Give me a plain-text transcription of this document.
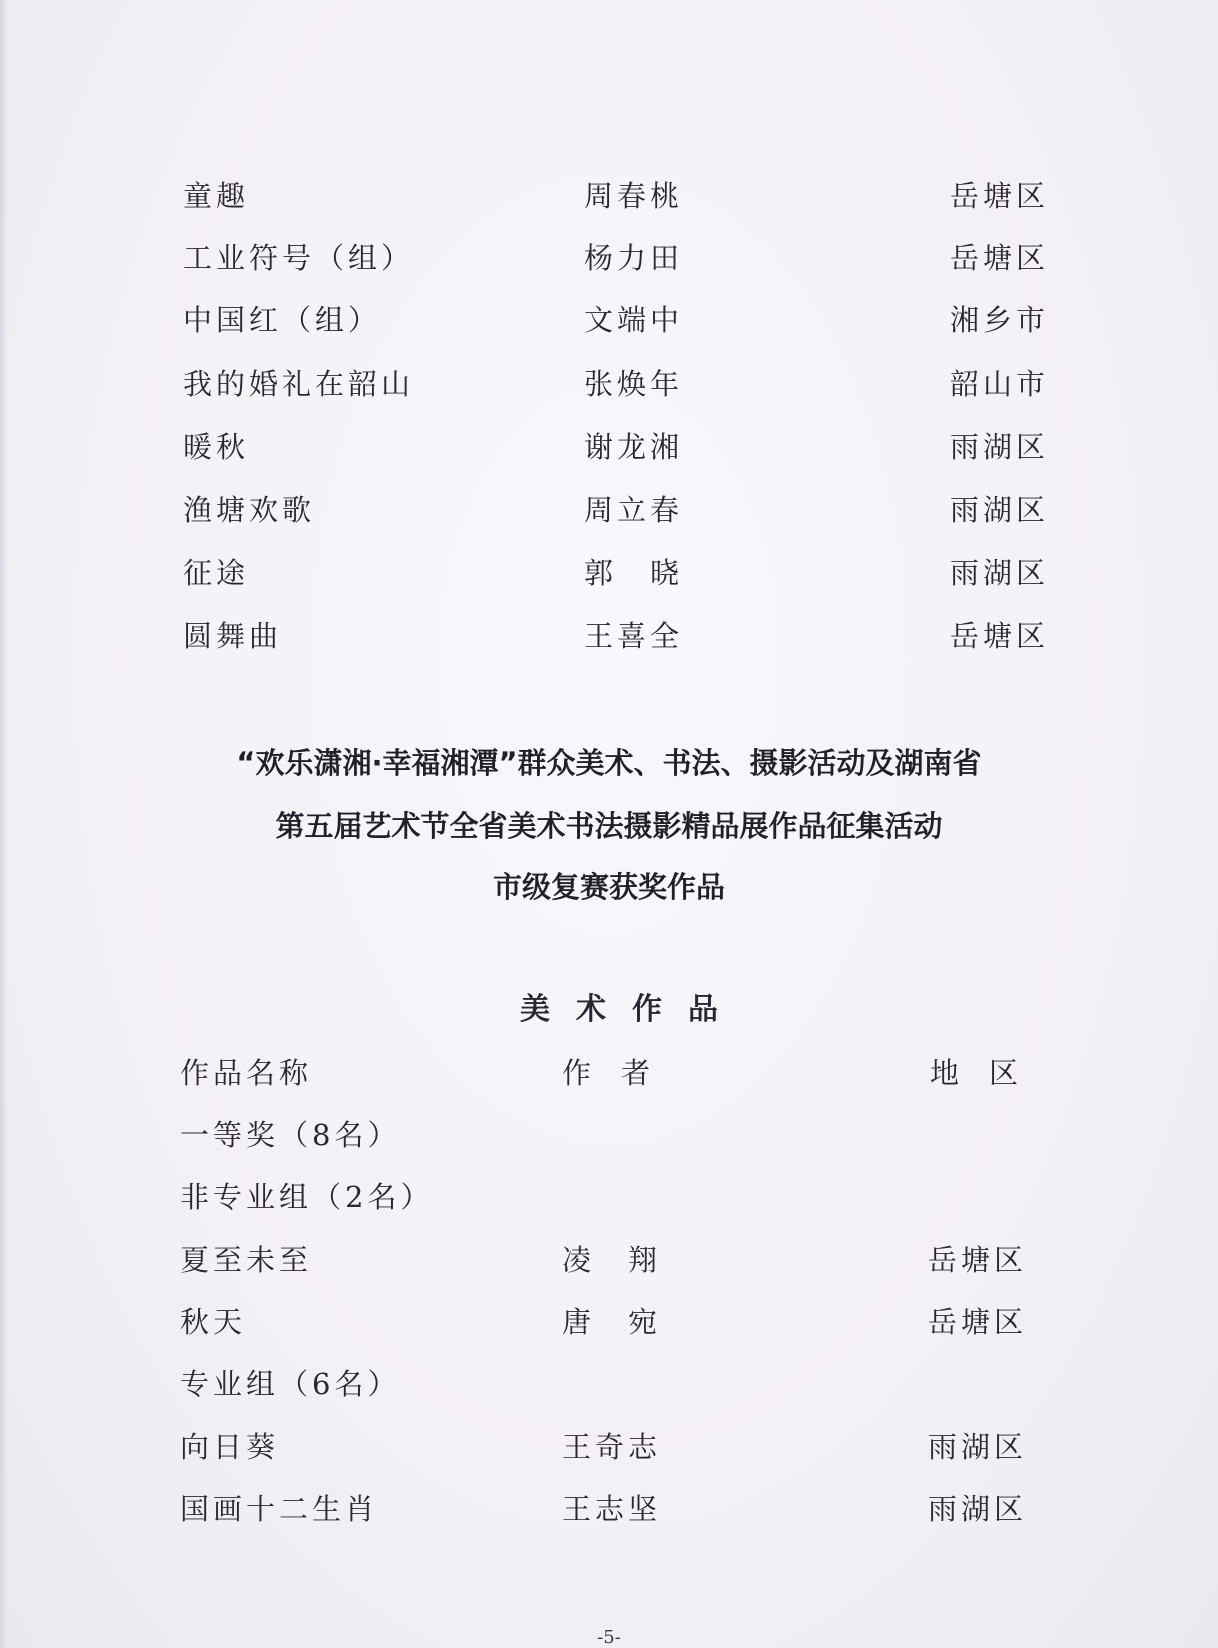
童趣	周春桃	岳塘区
工业符号（组）	杨力田	岳塘区
中国红（组）	文端中	湘乡市
我的婚礼在韶山	张焕年	韶山市
暖秋	谢龙湘	雨湖区
渔塘欢歌	周立春	雨湖区
征途	郭　晓	雨湖区
圆舞曲	王喜全	岳塘区
“欢乐潇湘·幸福湘潭”群众美术、书法、摄影活动及湖南省
第五届艺术节全省美术书法摄影精品展作品征集活动
市级复赛获奖作品
美术作品
作品名称	作者	地区
一等奖（8名）
非专业组（2名）
夏至未至	凌　翔	岳塘区
秋天	唐　宛	岳塘区
专业组（6名）
向日葵	王奇志	雨湖区
国画十二生肖	王志坚	雨湖区
-5-
